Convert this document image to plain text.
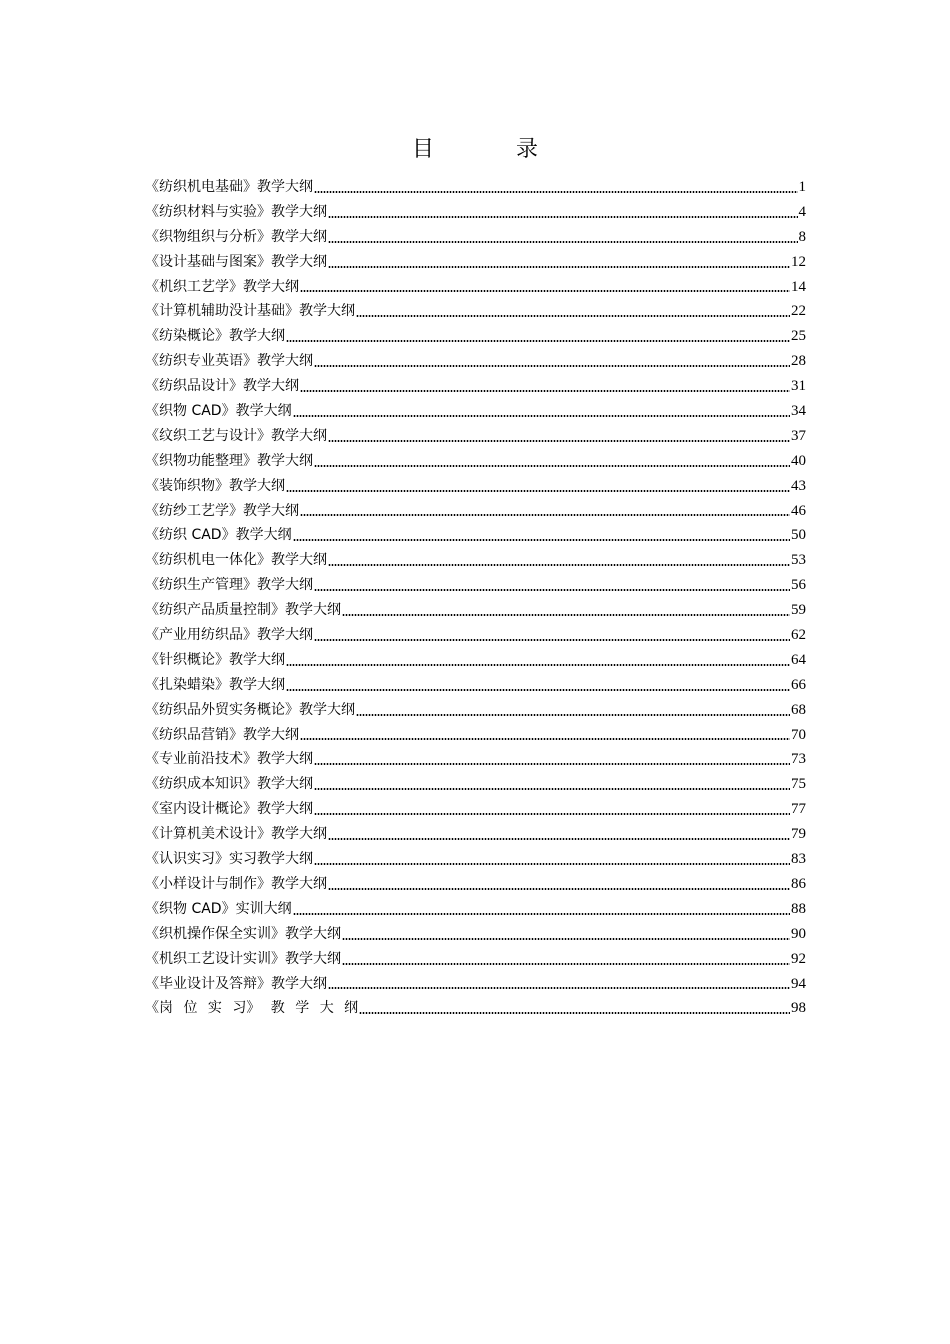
目　录
《纺织机电基础》教学大纲	1
《纺织材料与实验》教学大纲	4
《织物组织与分析》教学大纲	8
《设计基础与图案》教学大纲	12
《机织工艺学》教学大纲	14
《计算机辅助没计基础》教学大纲	22
《纺染概论》教学大纲	25
《纺织专业英语》教学大纲	28
《纺织品设计》教学大纲	31
《织物 CAD》教学大纲	34
《纹织工艺与设计》教学大纲	37
《织物功能整理》教学大纲	40
《装饰织物》教学大纲	43
《纺纱工艺学》教学大纲	46
《纺织 CAD》教学大纲	50
《纺织机电一体化》教学大纲	53
《纺织生产管理》教学大纲	56
《纺织产品质量控制》教学大纲	59
《产业用纺织品》教学大纲	62
《针织概论》教学大纲	64
《扎染蜡染》教学大纲	66
《纺织品外贸实务概论》教学大纲	68
《纺织品营销》教学大纲	70
《专业前沿技术》教学大纲	73
《纺织成本知识》教学大纲	75
《室内设计概论》教学大纲	77
《计算机美术设计》教学大纲	79
《认识实习》实习教学大纲	83
《小样设计与制作》教学大纲	86
《织物 CAD》实训大纲	88
《织机操作保全实训》教学大纲	90
《机织工艺设计实训》教学大纲	92
《毕业设计及答辩》教学大纲	94
《岗 位 实 习》 教 学 大 纲	98
